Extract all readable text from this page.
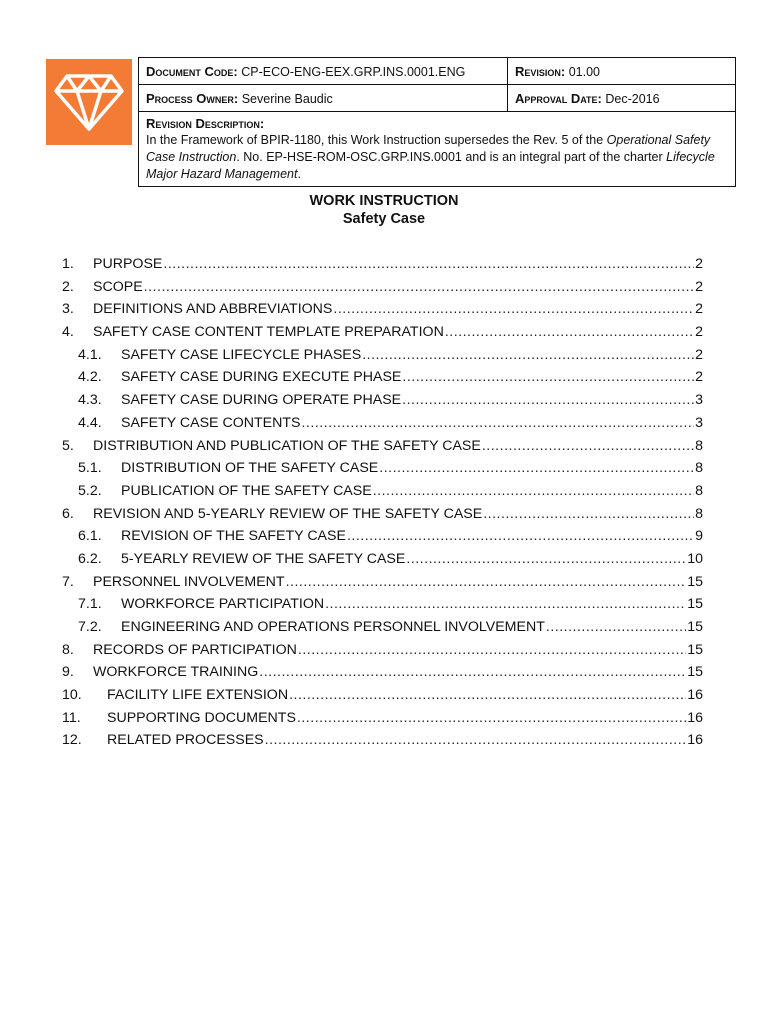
Document Code: CP-ECO-ENG-EEX.GRP.INS.0001.ENG	Revision: 01.00
Process Owner: Severine Baudic	Approval Date: Dec-2016

Revision Description:
In the Framework of BPIR-1180, this Work Instruction supersedes the Rev. 5 of the Operational Safety Case Instruction. No. EP-HSE-ROM-OSC.GRP.INS.0001 and is an integral part of the charter Lifecycle Major Hazard Management.	
WORK INSTRUCTION
Safety Case
1.	PURPOSE .....	2
2.	SCOPE .....	2
3.	DEFINITIONS AND ABBREVIATIONS .....	2
4.	SAFETY CASE CONTENT TEMPLATE PREPARATION .....	2
4.1.	SAFETY CASE LIFECYCLE PHASES .....	2
4.2.	SAFETY CASE DURING EXECUTE PHASE .....	2
4.3.	SAFETY CASE DURING OPERATE PHASE .....	3
4.4.	SAFETY CASE CONTENTS .....	3
5.	DISTRIBUTION AND PUBLICATION OF THE SAFETY CASE .....	8
5.1.	DISTRIBUTION OF THE SAFETY CASE .....	8
5.2.	PUBLICATION OF THE SAFETY CASE .....	8
6.	REVISION AND 5-YEARLY REVIEW OF THE SAFETY CASE .....	8
6.1.	REVISION OF THE SAFETY CASE .....	9
6.2.	5-YEARLY REVIEW OF THE SAFETY CASE .....	10
7.	PERSONNEL INVOLVEMENT .....	15
7.1.	WORKFORCE PARTICIPATION .....	15
7.2.	ENGINEERING AND OPERATIONS PERSONNEL INVOLVEMENT .....	15
8.	RECORDS OF PARTICIPATION .....	15
9.	WORKFORCE TRAINING .....	15
10.	FACILITY LIFE EXTENSION .....	16
11.	SUPPORTING DOCUMENTS .....	16
12.	RELATED PROCESSES .....	16
